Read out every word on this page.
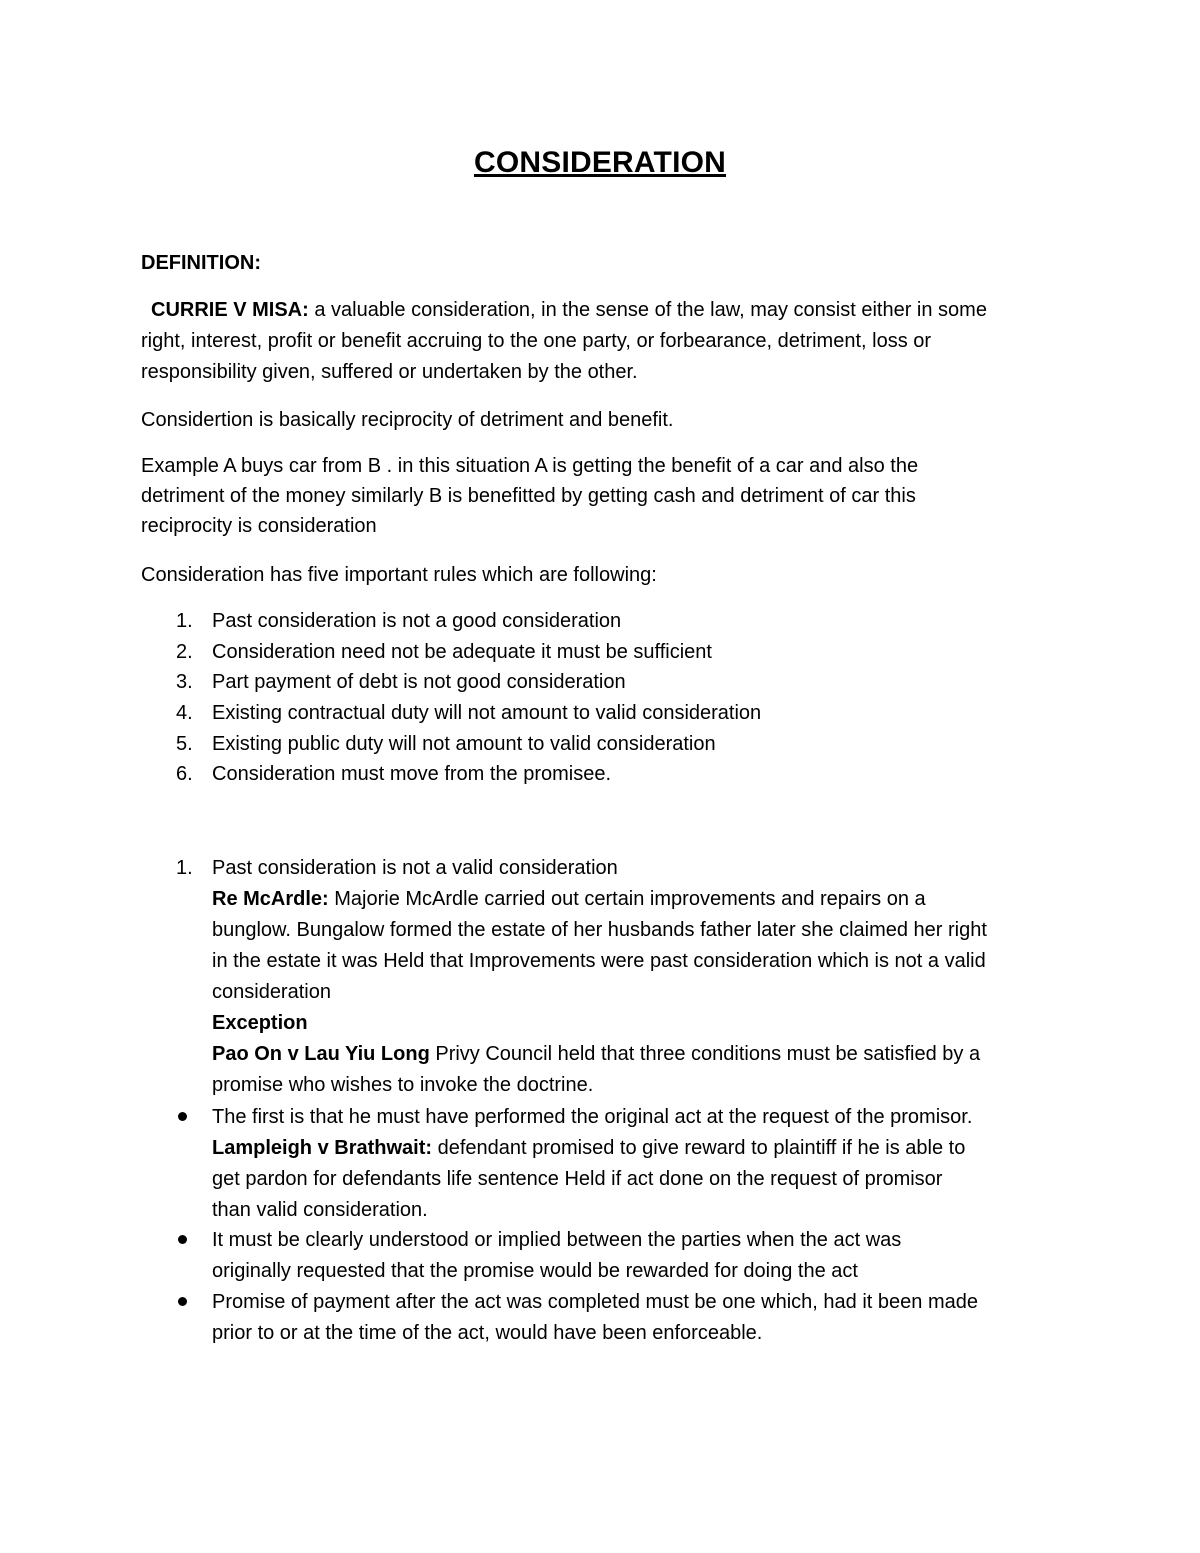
CONSIDERATION
DEFINITION:
CURRIE V MISA: a valuable consideration, in the sense of the law, may consist either in some
right, interest, profit or benefit accruing to the one party, or forbearance, detriment, loss or
responsibility given, suffered or undertaken by the other.
Considertion is basically reciprocity of detriment and benefit.
Example A buys car from B . in this situation A is getting the benefit of a car and also the
detriment of the money similarly B is benefitted by getting cash and detriment of car this
reciprocity is consideration
Consideration has five important rules which are following:
1. Past consideration is not a good consideration
2. Consideration need not be adequate it must be sufficient
3. Part payment of debt is not good consideration
4. Existing contractual duty will not amount to valid consideration
5. Existing public duty will not amount to valid consideration
6. Consideration must move from the promisee.
1. Past consideration is not a valid consideration
Re McArdle: Majorie McArdle carried out certain improvements and repairs on a
bunglow. Bungalow formed the estate of her husbands father later she claimed her right
in the estate it was Held that Improvements were past consideration which is not a valid
consideration
Exception
Pao On v Lau Yiu Long Privy Council held that three conditions must be satisfied by a
promise who wishes to invoke the doctrine.
The first is that he must have performed the original act at the request of the promisor.
Lampleigh v Brathwait: defendant promised to give reward to plaintiff if he is able to
get pardon for defendants life sentence Held if act done on the request of promisor
than valid consideration.
It must be clearly understood or implied between the parties when the act was
originally requested that the promise would be rewarded for doing the act
Promise of payment after the act was completed must be one which, had it been made
prior to or at the time of the act, would have been enforceable.
